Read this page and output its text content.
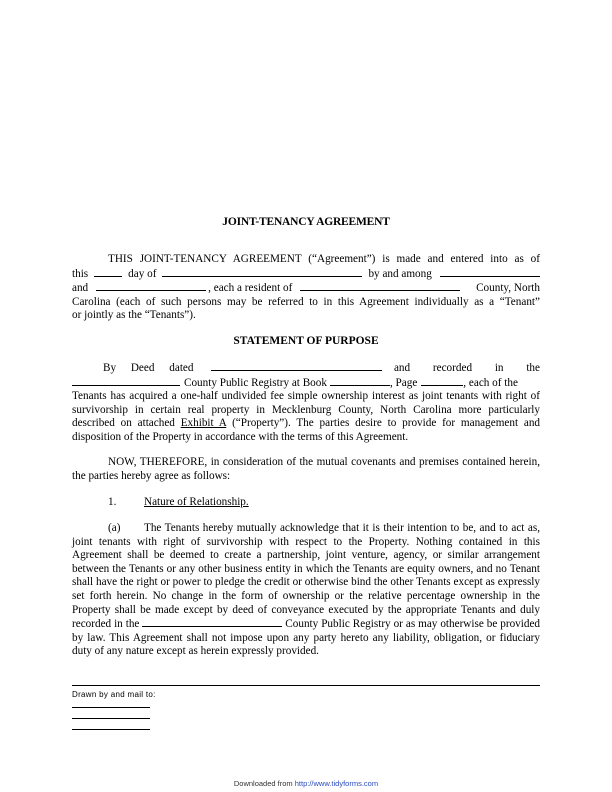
JOINT-TENANCY AGREEMENT
THIS JOINT-TENANCY AGREEMENT (“Agreement”) is made and entered into as of
this	day of	by and among
and	, each a resident of	County, North
Carolina (each of such persons may be referred to in this Agreement individually as a “Tenant”
or jointly as the “Tenants”).
STATEMENT OF PURPOSE
By Deed dated	and recorded in the
County Public Registry at Book	, Page	, each of the
Tenants has acquired a one-half undivided fee simple ownership interest as joint tenants with right of survivorship in certain real property in Mecklenburg County, North Carolina more particularly described on attached Exhibit A (“Property”). The parties desire to provide for management and disposition of the Property in accordance with the terms of this Agreement.
NOW, THEREFORE, in consideration of the mutual covenants and premises contained herein, the parties hereby agree as follows:
1. Nature of Relationship.
(a) The Tenants hereby mutually acknowledge that it is their intention to be, and to act as, joint tenants with right of survivorship with respect to the Property. Nothing contained in this Agreement shall be deemed to create a partnership, joint venture, agency, or similar arrangement between the Tenants or any other business entity in which the Tenants are equity owners, and no Tenant shall have the right or power to pledge the credit or otherwise bind the other Tenants except as expressly set forth herein. No change in the form of ownership or the relative percentage ownership in the Property shall be made except by deed of conveyance executed by the appropriate Tenants and duly recorded in the	County Public Registry or as may otherwise be provided by law. This Agreement shall not impose upon any party hereto any liability, obligation, or fiduciary duty of any nature except as herein expressly provided.
Drawn by and mail to:
Downloaded from http://www.tidyforms.com
